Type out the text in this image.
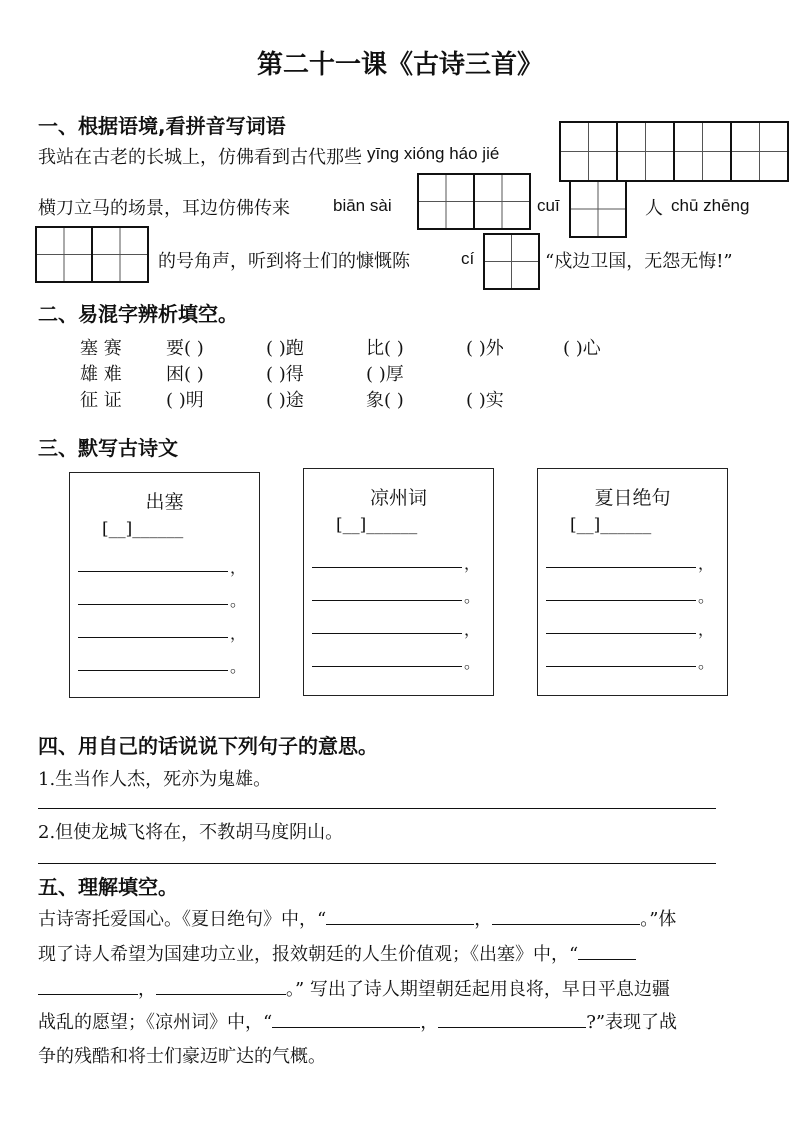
第二十一课《古诗三首》
一、根据语境,看拼音写词语
我站在古老的长城上，仿佛看到古代那些 yīng xióng háo jié
横刀立马的场景，耳边仿佛传来	biān sài	cuī	人 chū zhēng
的号角声，听到将士们的慷慨陈	cí	“戍边卫国，无怨无悔!”
二、易混字辨析填空。
塞 赛 要( )	( )跑	比( )	( )外	( )心
雄 难 困( )	( )得	( )厚
征 证 ( )明	( )途	象( )	( )实
三、默写古诗文
出塞
[__]______
，
。
，
。
凉州词
[__]______
，
。
，
。
夏日绝句
[__]______
，
。
，
。
四、用自己的话说说下列句子的意思。
1.生当作人杰，死亦为鬼雄。
2.但使龙城飞将在，不教胡马度阴山。
五、理解填空。
古诗寄托爱国心。《夏日绝句》中，“	，	。”体
现了诗人希望为国建功立业，报效朝廷的人生价值观；《出塞》中，“
，	。” 写出了诗人期望朝廷起用良将，早日平息边疆
战乱的愿望；《凉州词》中，“	，	?”表现了战
争的残酷和将士们豪迈旷达的气概。
